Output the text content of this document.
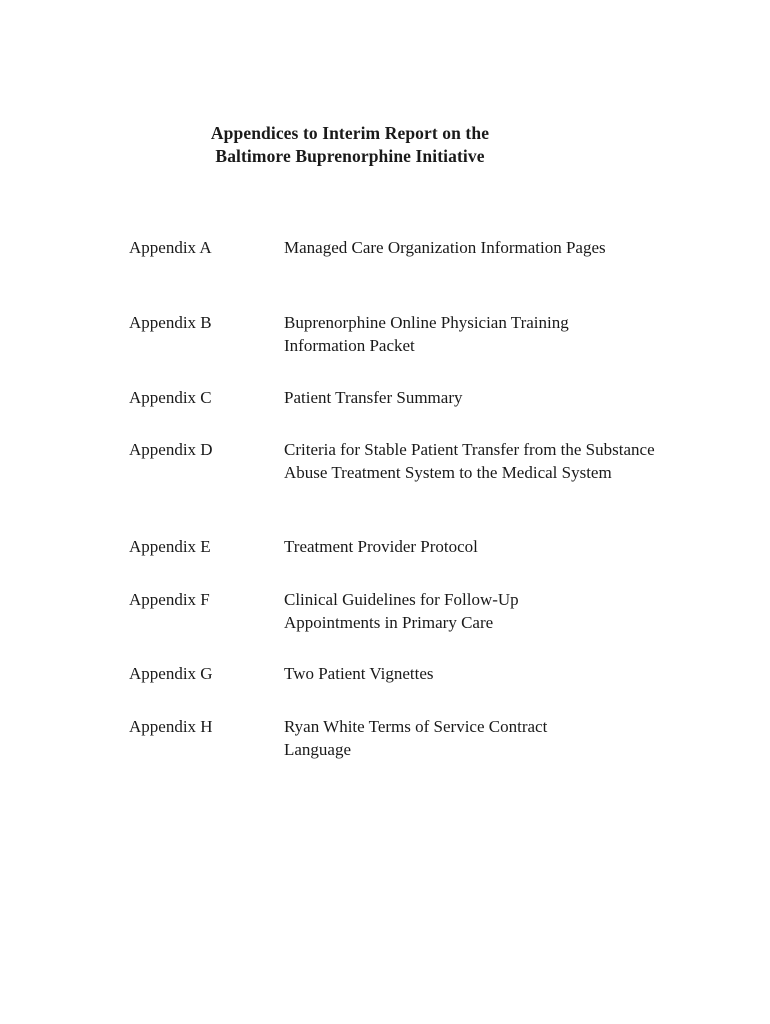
Appendices to Interim Report on the
Baltimore Buprenorphine Initiative
Appendix A	Managed Care Organization Information Pages
Appendix B	Buprenorphine Online Physician Training Information Packet
Appendix C	Patient Transfer Summary
Appendix D	Criteria for Stable Patient Transfer from the Substance Abuse Treatment System to the Medical System
Appendix E	Treatment Provider Protocol
Appendix F	Clinical Guidelines for Follow-Up Appointments in Primary Care
Appendix G	Two Patient Vignettes
Appendix H	Ryan White Terms of Service Contract Language
